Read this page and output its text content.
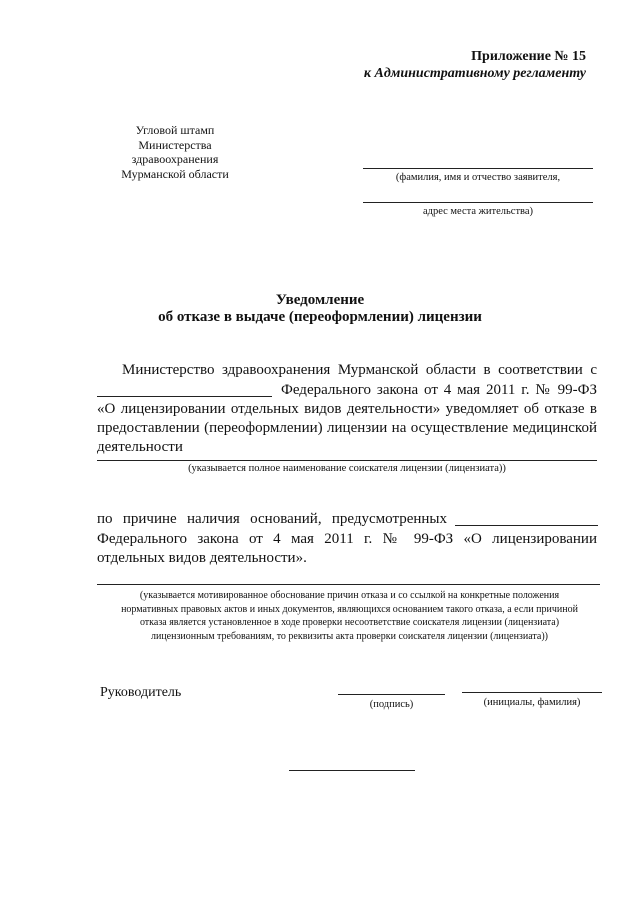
Приложение № 15
к Административному регламенту
Угловой штамп
Министерства
здравоохранения
Мурманской области	(фамилия, имя и отчество заявителя,
адрес места жительства)
Уведомление
об отказе в выдаче (переоформлении) лицензии
Министерство здравоохранения Мурманской области в соответствии с
Федерального закона от 4 мая 2011 г. № 99-ФЗ
«О лицензировании отдельных видов деятельности» уведомляет об отказе в
предоставлении (переоформлении) лицензии на осуществление медицинской
деятельности
(указывается полное наименование соискателя лицензии (лицензиата))
по причине наличия оснований, предусмотренных
Федерального закона от 4 мая 2011 г. № 99-ФЗ «О лицензировании
отдельных видов деятельности».
(указывается мотивированное обоснование причин отказа и со ссылкой на конкретные положения
нормативных правовых актов и иных документов, являющихся основанием такого отказа, а если причиной
отказа является установленное в ходе проверки несоответствие соискателя лицензии (лицензиата)
лицензионным требованиям, то реквизиты акта проверки соискателя лицензии (лицензиата))
Руководитель
(подпись)	(инициалы, фамилия)
